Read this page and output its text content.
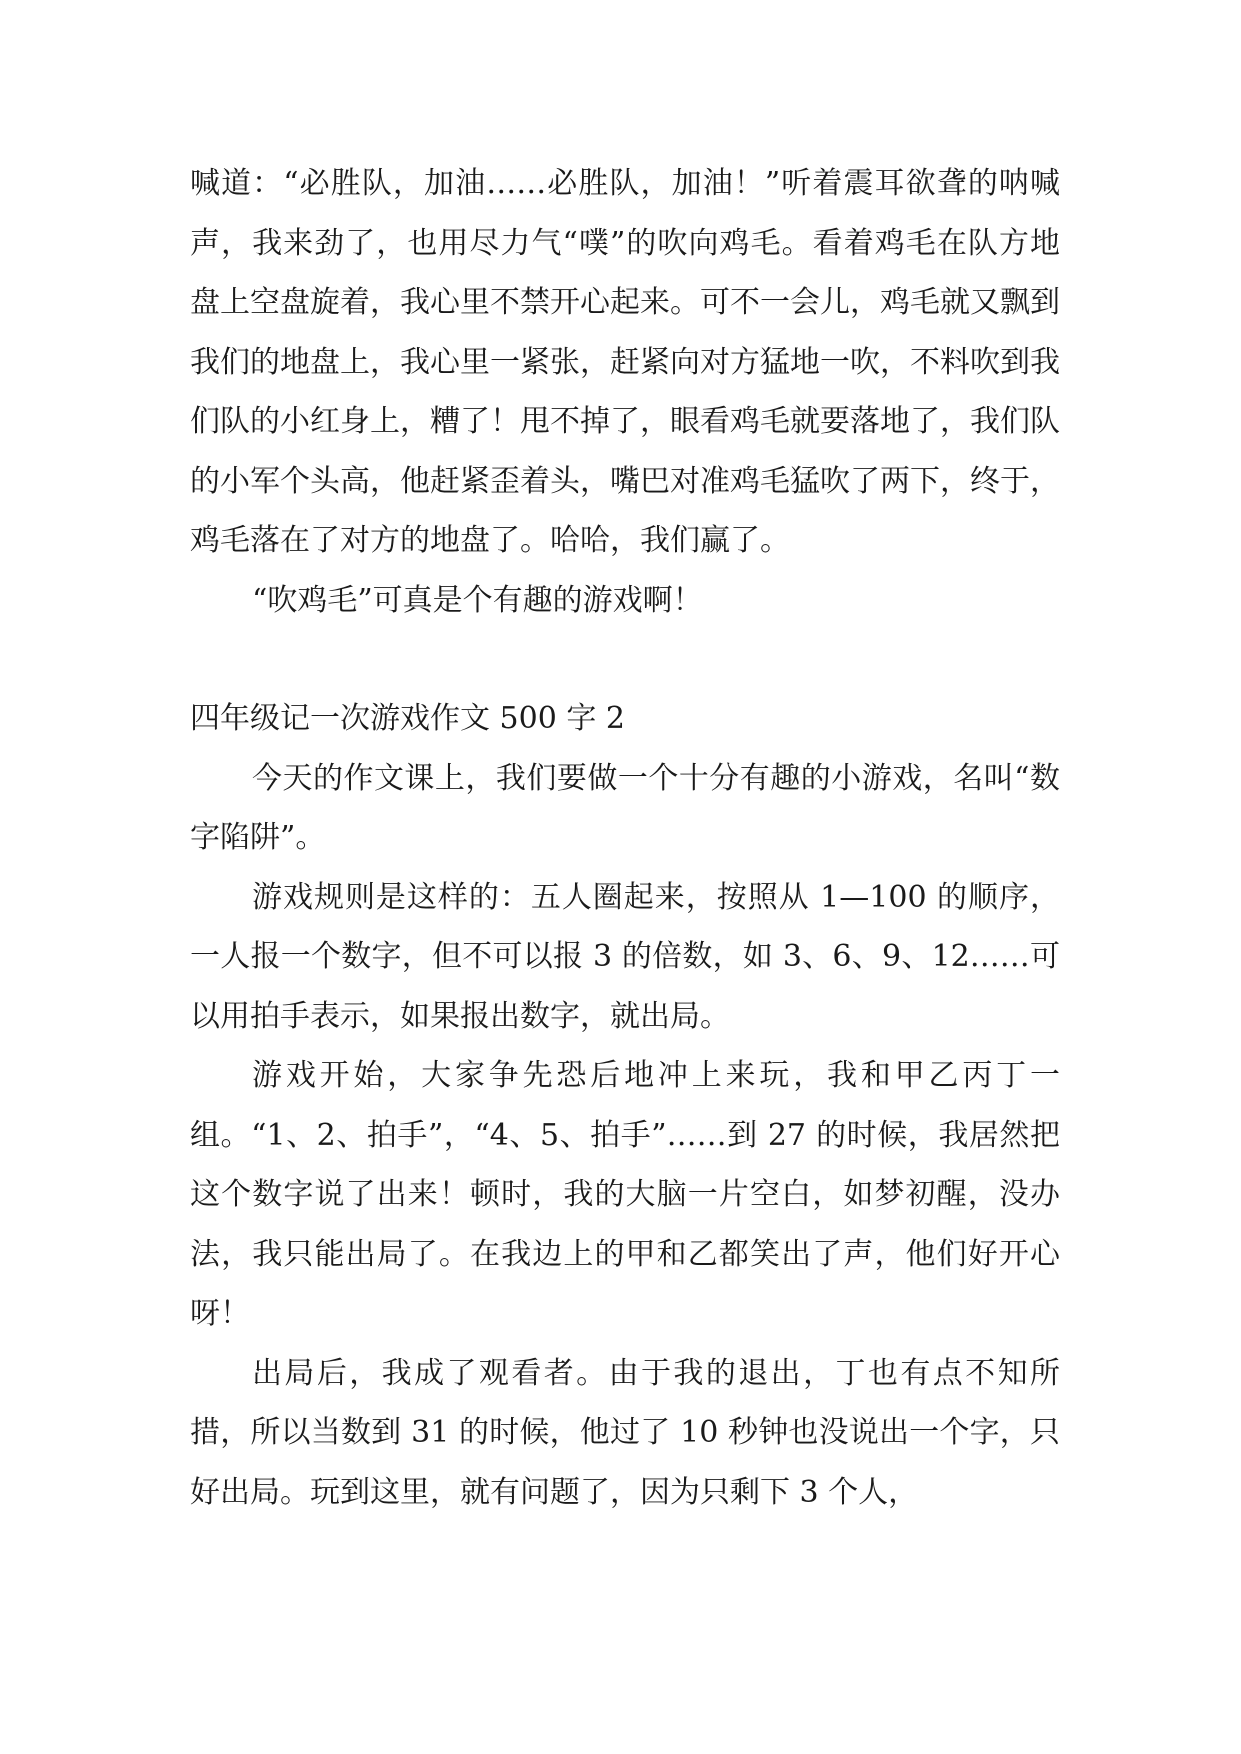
喊道：“必胜队，加油……必胜队，加油！”听着震耳欲聋的呐喊声，我来劲了，也用尽力气“噗”的吹向鸡毛。看着鸡毛在队方地盘上空盘旋着，我心里不禁开心起来。可不一会儿，鸡毛就又飘到我们的地盘上，我心里一紧张，赶紧向对方猛地一吹，不料吹到我们队的小红身上，糟了！甩不掉了，眼看鸡毛就要落地了，我们队的小军个头高，他赶紧歪着头，嘴巴对准鸡毛猛吹了两下，终于，鸡毛落在了对方的地盘了。哈哈，我们赢了。

“吹鸡毛”可真是个有趣的游戏啊！

四年级记一次游戏作文 500 字 2

今天的作文课上，我们要做一个十分有趣的小游戏，名叫“数字陷阱”。

游戏规则是这样的：五人圈起来，按照从 1—100 的顺序，一人报一个数字，但不可以报 3 的倍数，如 3、6、9、12……可以用拍手表示，如果报出数字，就出局。

游戏开始，大家争先恐后地冲上来玩，我和甲乙丙丁一组。“1、2、拍手”，“4、5、拍手”……到 27 的时候，我居然把这个数字说了出来！顿时，我的大脑一片空白，如梦初醒，没办法，我只能出局了。在我边上的甲和乙都笑出了声，他们好开心呀！

出局后，我成了观看者。由于我的退出，丁也有点不知所措，所以当数到 31 的时候，他过了 10 秒钟也没说出一个字，只好出局。玩到这里，就有问题了，因为只剩下 3 个人，
